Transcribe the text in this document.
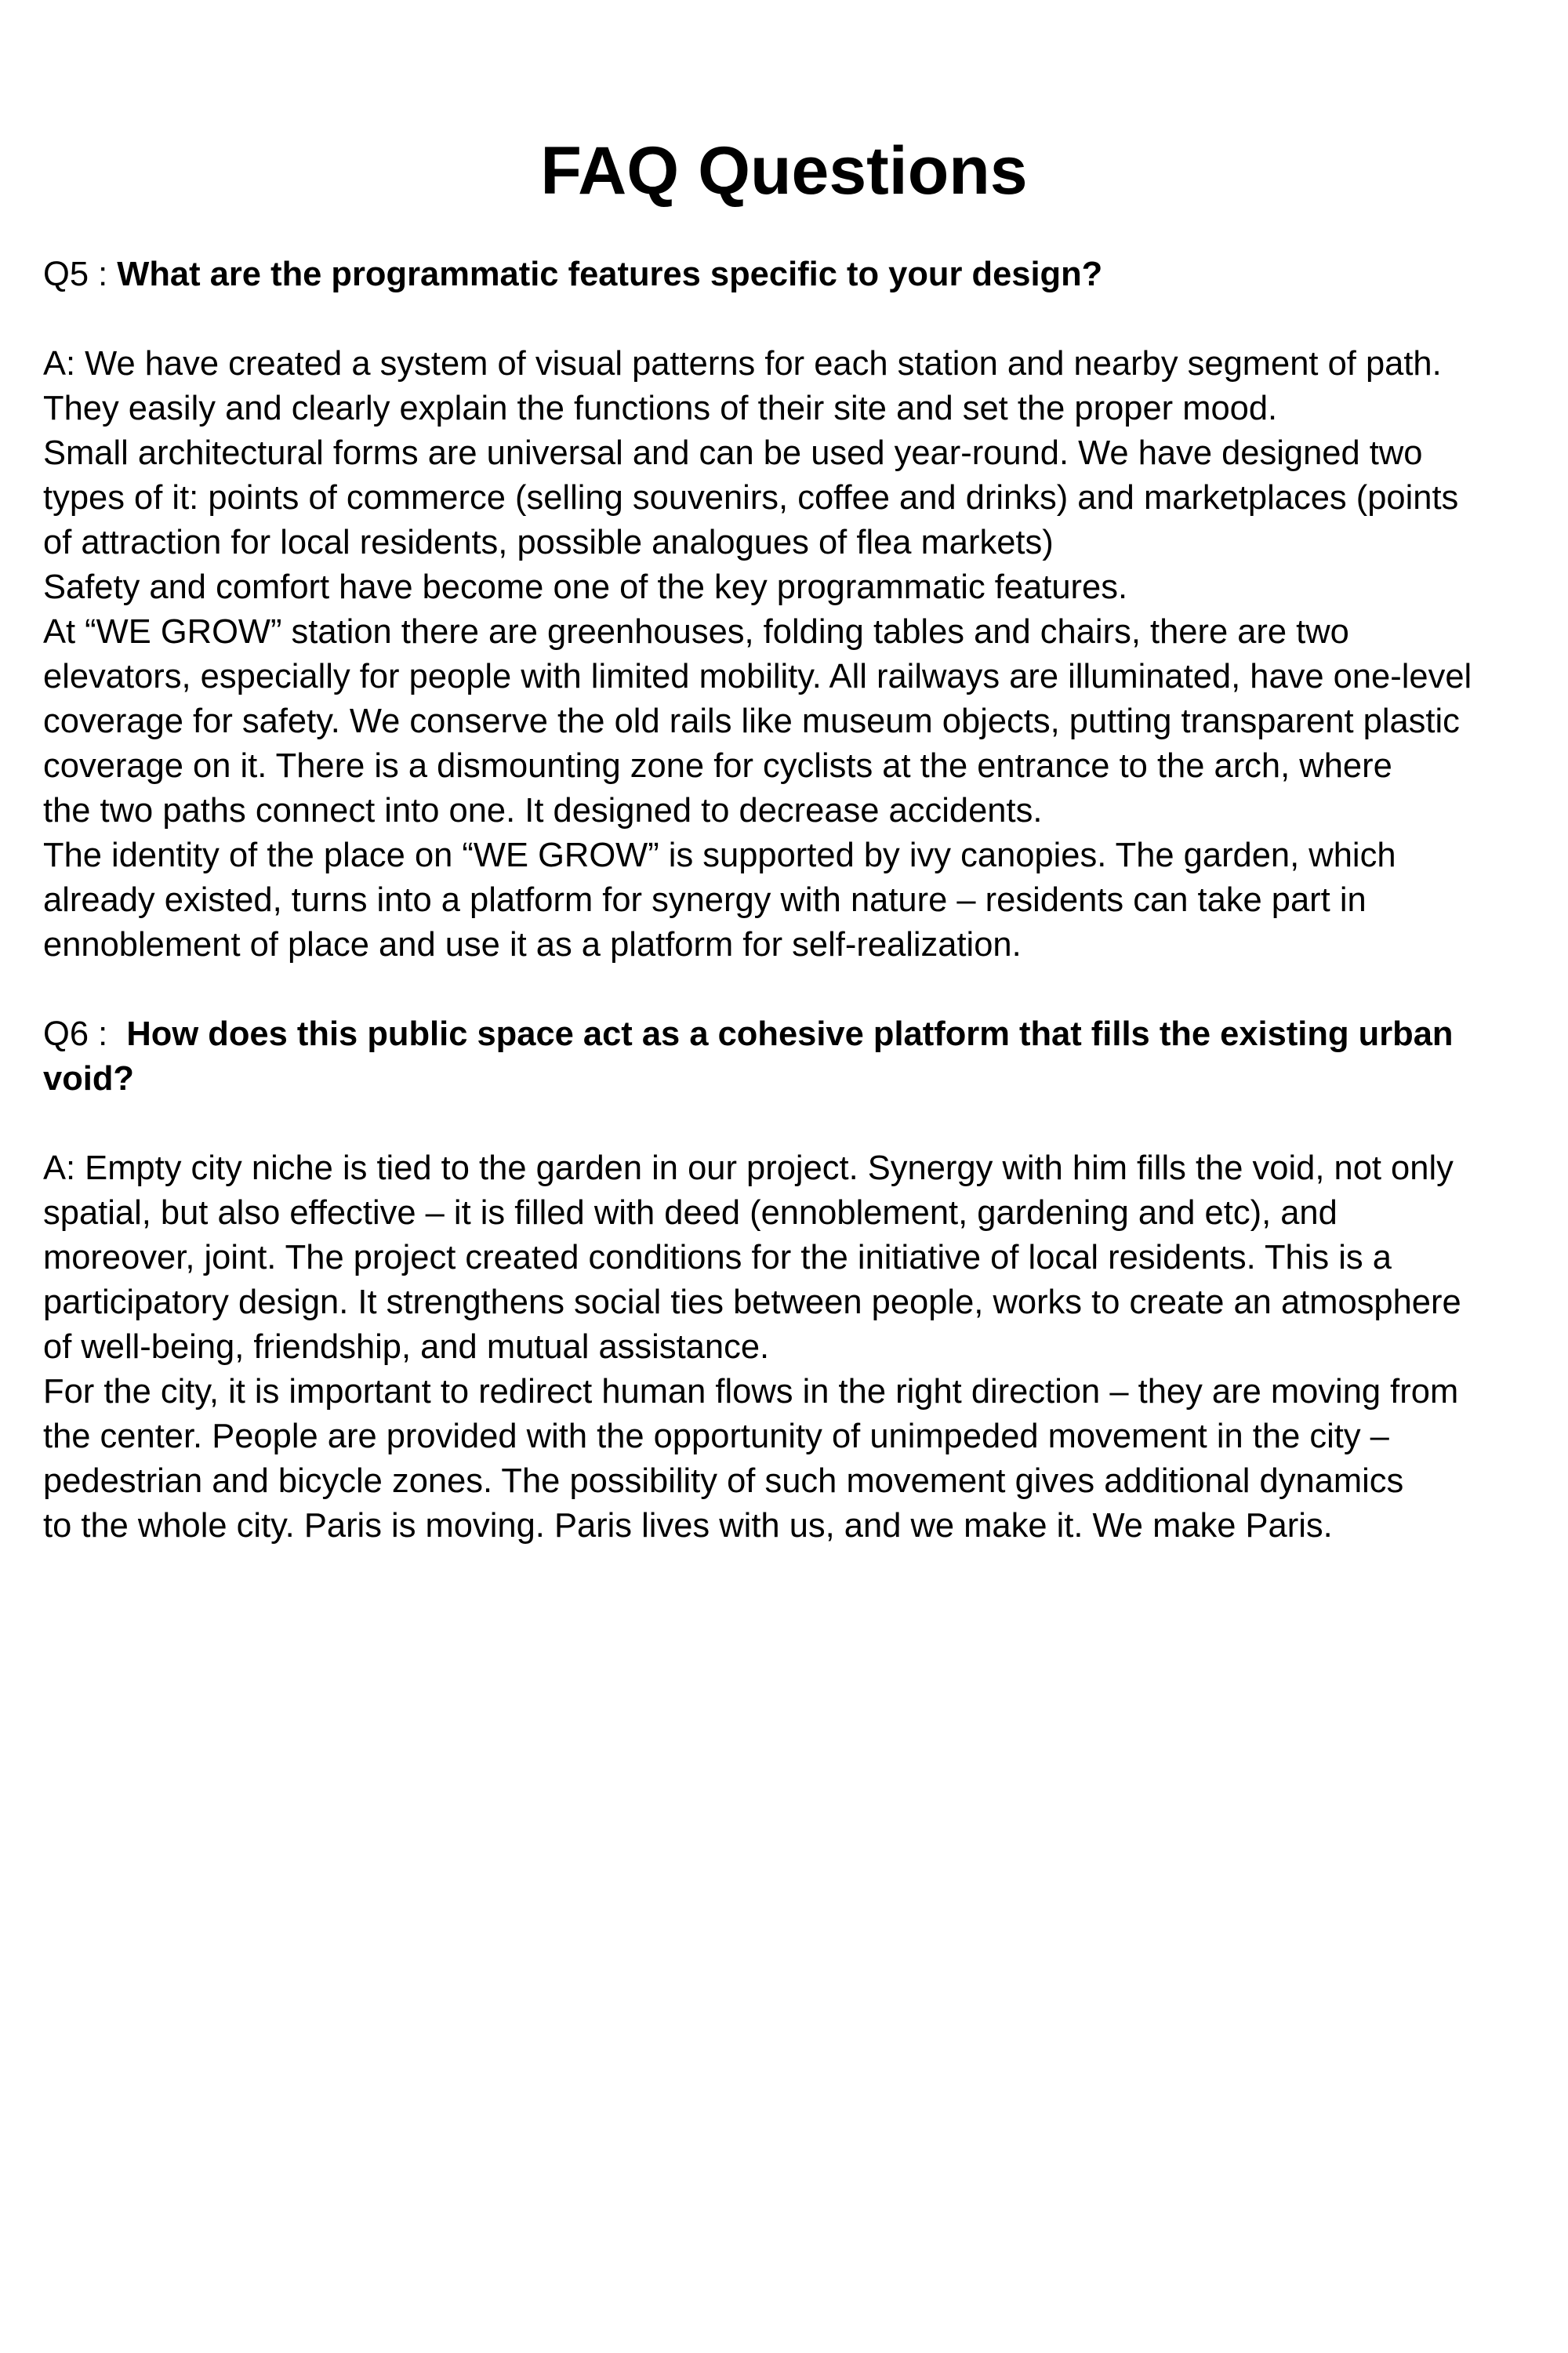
FAQ Questions

Q5 : What are the programmatic features specific to your design?

A: We have created a system of visual patterns for each station and nearby segment of path.
They easily and clearly explain the functions of their site and set the proper mood.
Small architectural forms are universal and can be used year-round. We have designed two
types of it: points of commerce (selling souvenirs, coffee and drinks) and marketplaces (points
of attraction for local residents, possible analogues of flea markets)
Safety and comfort have become one of the key programmatic features.
At “WE GROW” station there are greenhouses, folding tables and chairs, there are two
elevators, especially for people with limited mobility. All railways are illuminated, have one-level
coverage for safety. We conserve the old rails like museum objects, putting transparent plastic
coverage on it. There is a dismounting zone for cyclists at the entrance to the arch, where
the two paths connect into one. It designed to decrease accidents.
The identity of the place on “WE GROW” is supported by ivy canopies. The garden, which
already existed, turns into a platform for synergy with nature – residents can take part in
ennoblement of place and use it as a platform for self-realization.

Q6 :  How does this public space act as a cohesive platform that fills the existing urban
void?

A: Empty city niche is tied to the garden in our project. Synergy with him fills the void, not only
spatial, but also effective – it is filled with deed (ennoblement, gardening and etc), and
moreover, joint. The project created conditions for the initiative of local residents. This is a
participatory design. It strengthens social ties between people, works to create an atmosphere
of well-being, friendship, and mutual assistance.
For the city, it is important to redirect human flows in the right direction – they are moving from
the center. People are provided with the opportunity of unimpeded movement in the city –
pedestrian and bicycle zones. The possibility of such movement gives additional dynamics
to the whole city. Paris is moving. Paris lives with us, and we make it. We make Paris.
